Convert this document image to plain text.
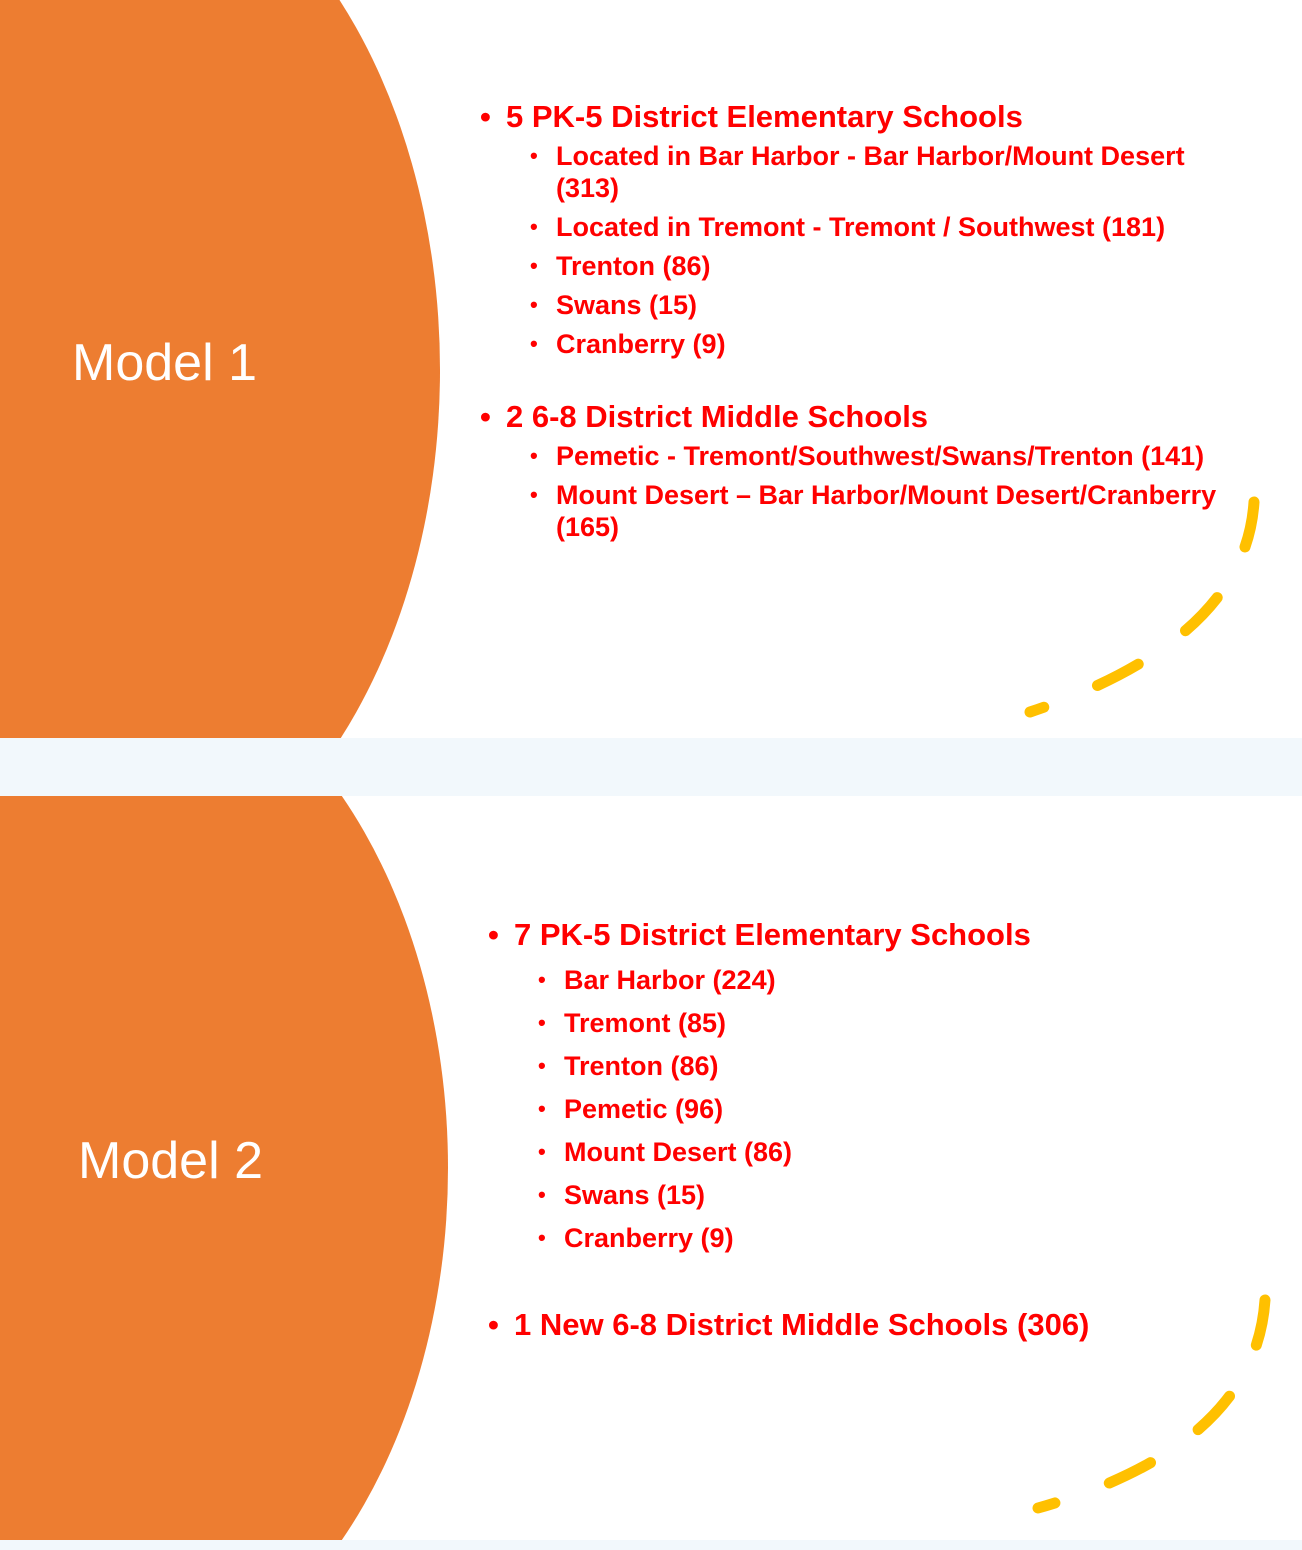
Model 1
• 5 PK-5 District Elementary Schools
• Located in Bar Harbor - Bar Harbor/Mount Desert (313)
• Located in Tremont - Tremont / Southwest (181)
• Trenton (86)
• Swans (15)
• Cranberry (9)
• 2 6-8 District Middle Schools
• Pemetic - Tremont/Southwest/Swans/Trenton (141)
• Mount Desert – Bar Harbor/Mount Desert/Cranberry (165)
Model 2
• 7 PK-5 District Elementary Schools
• Bar Harbor (224)
• Tremont (85)
• Trenton (86)
• Pemetic (96)
• Mount Desert (86)
• Swans (15)
• Cranberry (9)
• 1 New 6-8 District Middle Schools (306)
